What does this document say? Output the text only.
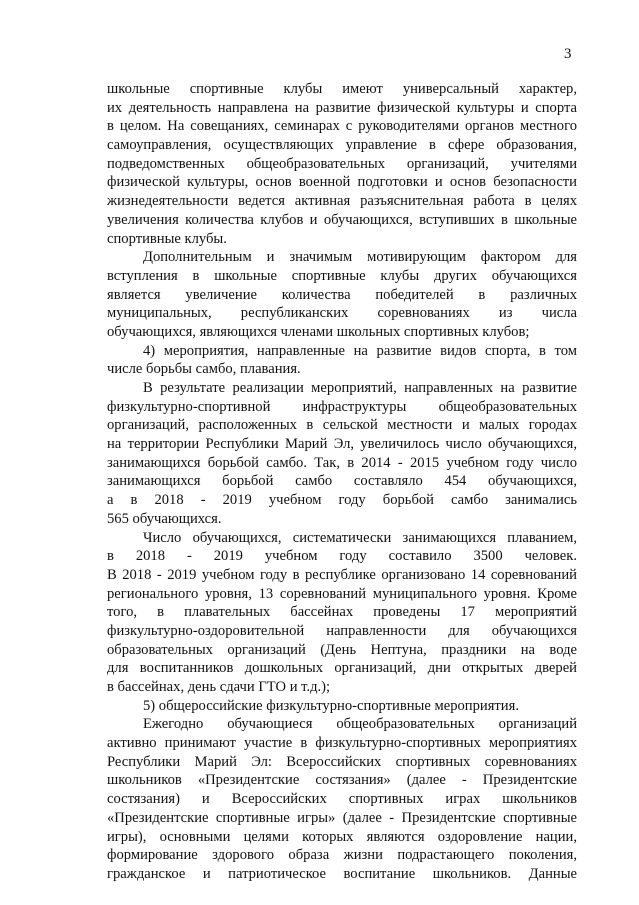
3
школьные спортивные клубы имеют универсальный характер,
их деятельность направлена на развитие физической культуры и спорта
в целом. На совещаниях, семинарах с руководителями органов местного
самоуправления, осуществляющих управление в сфере образования,
подведомственных общеобразовательных организаций, учителями
физической культуры, основ военной подготовки и основ безопасности
жизнедеятельности ведется активная разъяснительная работа в целях
увеличения количества клубов и обучающихся, вступивших в школьные
спортивные клубы.
Дополнительным и значимым мотивирующим фактором для
вступления в школьные спортивные клубы других обучающихся
является увеличение количества победителей в различных
муниципальных, республиканских соревнованиях из числа
обучающихся, являющихся членами школьных спортивных клубов;
4) мероприятия, направленные на развитие видов спорта, в том
числе борьбы самбо, плавания.
В результате реализации мероприятий, направленных на развитие
физкультурно-спортивной инфраструктуры общеобразовательных
организаций, расположенных в сельской местности и малых городах
на территории Республики Марий Эл, увеличилось число обучающихся,
занимающихся борьбой самбо. Так, в 2014 - 2015 учебном году число
занимающихся борьбой самбо составляло 454 обучающихся,
а в 2018 - 2019 учебном году борьбой самбо занимались
565 обучающихся.
Число обучающихся, систематически занимающихся плаванием,
в 2018 - 2019 учебном году составило 3500 человек.
В 2018 - 2019 учебном году в республике организовано 14 соревнований
регионального уровня, 13 соревнований муниципального уровня. Кроме
того, в плавательных бассейнах проведены 17 мероприятий
физкультурно-оздоровительной направленности для обучающихся
образовательных организаций (День Нептуна, праздники на воде
для воспитанников дошкольных организаций, дни открытых дверей
в бассейнах, день сдачи ГТО и т.д.);
5) общероссийские физкультурно-спортивные мероприятия.
Ежегодно обучающиеся общеобразовательных организаций
активно принимают участие в физкультурно-спортивных мероприятиях
Республики Марий Эл: Всероссийских спортивных соревнованиях
школьников «Президентские состязания» (далее - Президентские
состязания) и Всероссийских спортивных играх школьников
«Президентские спортивные игры» (далее - Президентские спортивные
игры), основными целями которых являются оздоровление нации,
формирование здорового образа жизни подрастающего поколения,
гражданское и патриотическое воспитание школьников. Данные
